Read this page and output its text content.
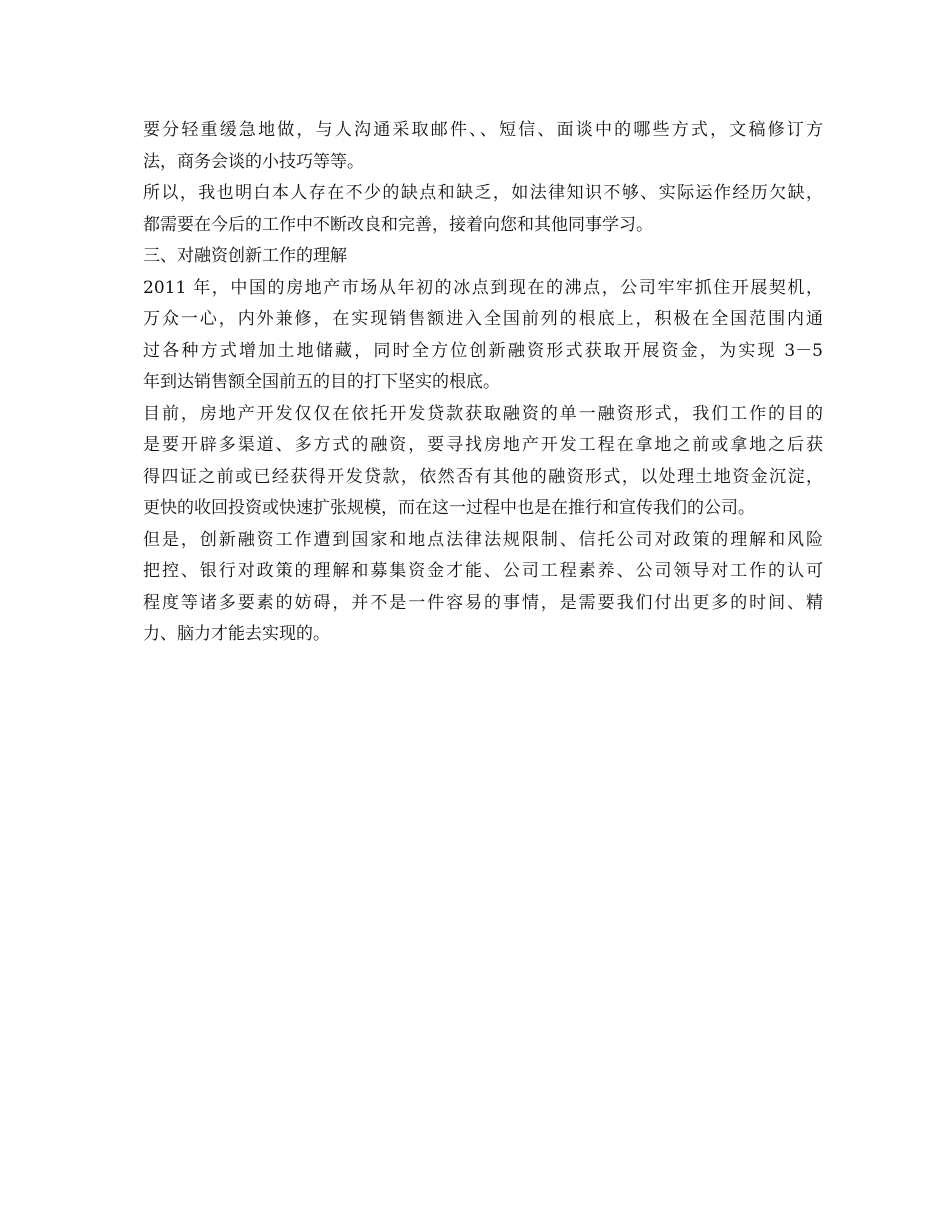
要分轻重缓急地做，与人沟通采取邮件、、短信、面谈中的哪些方式，文稿修订方
法，商务会谈的小技巧等等。
所以，我也明白本人存在不少的缺点和缺乏，如法律知识不够、实际运作经历欠缺，
都需要在今后的工作中不断改良和完善，接着向您和其他同事学习。
三、对融资创新工作的理解
2011 年，中国的房地产市场从年初的冰点到现在的沸点，公司牢牢抓住开展契机，
万众一心，内外兼修，在实现销售额进入全国前列的根底上，积极在全国范围内通
过各种方式增加土地储藏，同时全方位创新融资形式获取开展资金，为实现 3－5
年到达销售额全国前五的目的打下坚实的根底。
目前，房地产开发仅仅在依托开发贷款获取融资的单一融资形式，我们工作的目的
是要开辟多渠道、多方式的融资，要寻找房地产开发工程在拿地之前或拿地之后获
得四证之前或已经获得开发贷款，依然否有其他的融资形式，以处理土地资金沉淀，
更快的收回投资或快速扩张规模，而在这一过程中也是在推行和宣传我们的公司。
但是，创新融资工作遭到国家和地点法律法规限制、信托公司对政策的理解和风险
把控、银行对政策的理解和募集资金才能、公司工程素养、公司领导对工作的认可
程度等诸多要素的妨碍，并不是一件容易的事情，是需要我们付出更多的时间、精
力、脑力才能去实现的。
